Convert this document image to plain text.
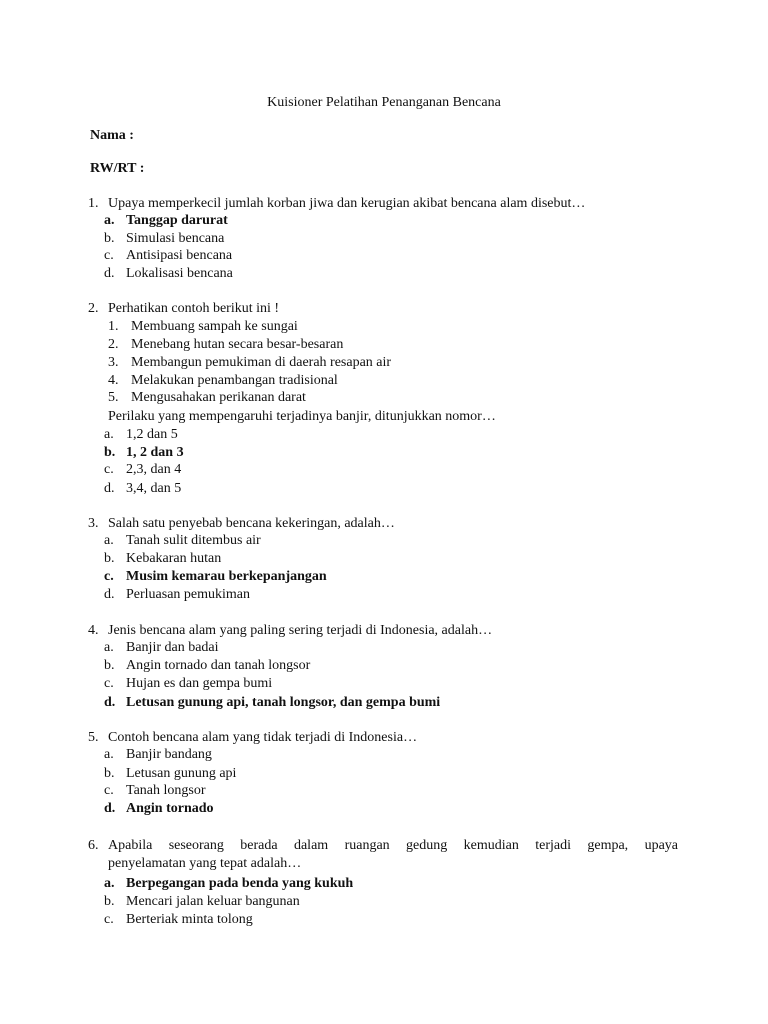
Kuisioner Pelatihan Penanganan Bencana
Nama :
RW/RT :
1. Upaya memperkecil jumlah korban jiwa dan kerugian akibat bencana alam disebut…
a. Tanggap darurat
b. Simulasi bencana
c. Antisipasi bencana
d. Lokalisasi bencana
2. Perhatikan contoh berikut ini !
1. Membuang sampah ke sungai
2. Menebang hutan secara besar-besaran
3. Membangun pemukiman di daerah resapan air
4. Melakukan penambangan tradisional
5. Mengusahakan perikanan darat
Perilaku yang mempengaruhi terjadinya banjir, ditunjukkan nomor…
a. 1,2 dan 5
b. 1, 2 dan 3
c. 2,3, dan 4
d. 3,4, dan 5
3. Salah satu penyebab bencana kekeringan, adalah…
a. Tanah sulit ditembus air
b. Kebakaran hutan
c. Musim kemarau berkepanjangan
d. Perluasan pemukiman
4. Jenis bencana alam yang paling sering terjadi di Indonesia, adalah…
a. Banjir dan badai
b. Angin tornado dan tanah longsor
c. Hujan es dan gempa bumi
d. Letusan gunung api, tanah longsor, dan gempa bumi
5. Contoh bencana alam yang tidak terjadi di Indonesia…
a. Banjir bandang
b. Letusan gunung api
c. Tanah longsor
d. Angin tornado
6. Apabila seseorang berada dalam ruangan gedung kemudian terjadi gempa, upaya
penyelamatan yang tepat adalah…
a. Berpegangan pada benda yang kukuh
b. Mencari jalan keluar bangunan
c. Berteriak minta tolong
